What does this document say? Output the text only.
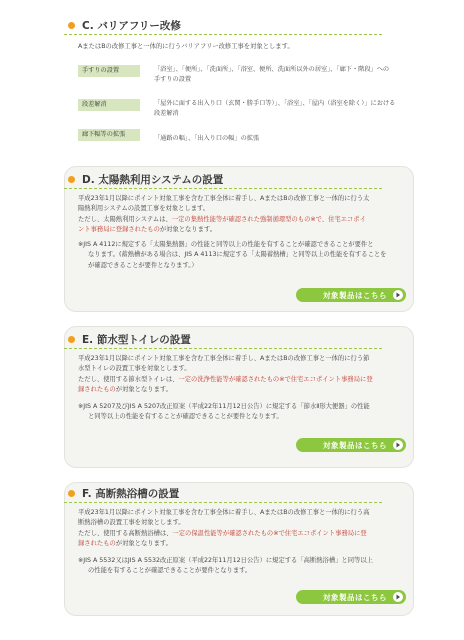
C. バリアフリー改修
AまたはBの改修工事と一体的に行うバリアフリー改修工事を対象とします。
手すりの設置	「浴室」、「便所」、「洗面所」、「浴室、便所、洗面所以外の居室」、「廊下・階段」への
手すりの設置
段差解消	「屋外に面する出入り口（玄関・勝手口等）」、「浴室」、「屋内（浴室を除く）」における
段差解消
廊下幅等の拡張
「通路の幅」、「出入り口の幅」の拡張
D. 太陽熱利用システムの設置
平成23年1月以降にポイント対象工事を含む工事全体に着手し、AまたはBの改修工事と一体的に行う太
陽熱利用システムの設置工事を対象とします。
ただし、太陽熱利用システムは、一定の集熱性能等が確認された強制循環型のもの※で、住宅エコポイ
ント事務局に登録されたものが対象となります。
※JIS A 4112に規定する「太陽集熱器」の性能と同等以上の性能を有することが確認できることが要件と
なります。(蓄熱槽がある場合は、JIS A 4113に規定する「太陽蓄熱槽」と同等以上の性能を有することを
が確認できることが要件となります。）
対象製品はこちら
E. 節水型トイレの設置
平成23年1月以降にポイント対象工事を含む工事全体に着手し、AまたはBの改修工事と一体的に行う節
水型トイレの設置工事を対象とします。
ただし、使用する節水型トイレは、一定の洗浄性能等が確認されたもの※で住宅エコポイント事務局に登
録されたものが対象となります。
※JIS A 5207及びJIS A 5207改正原案（平成22年11月12日公告）に規定する「節水Ⅱ形大便器」の性能
と同等以上の性能を有することが確認できることが要件となります。
対象製品はこちら
F. 高断熱浴槽の設置
平成23年1月以降にポイント対象工事を含む工事全体に着手し、AまたはBの改修工事と一体的に行う高
断熱浴槽の設置工事を対象とします。
ただし、使用する高断熱浴槽は、一定の保温性能等が確認されたもの※で住宅エコポイント事務局に登
録されたものが対象となります。
※JIS A 5532又はJIS A 5532改正原案（平成22年11月12日公告）に規定する「高断熱浴槽」と同等以上
の性能を有することが確認できることが要件となります。
対象製品はこちら
